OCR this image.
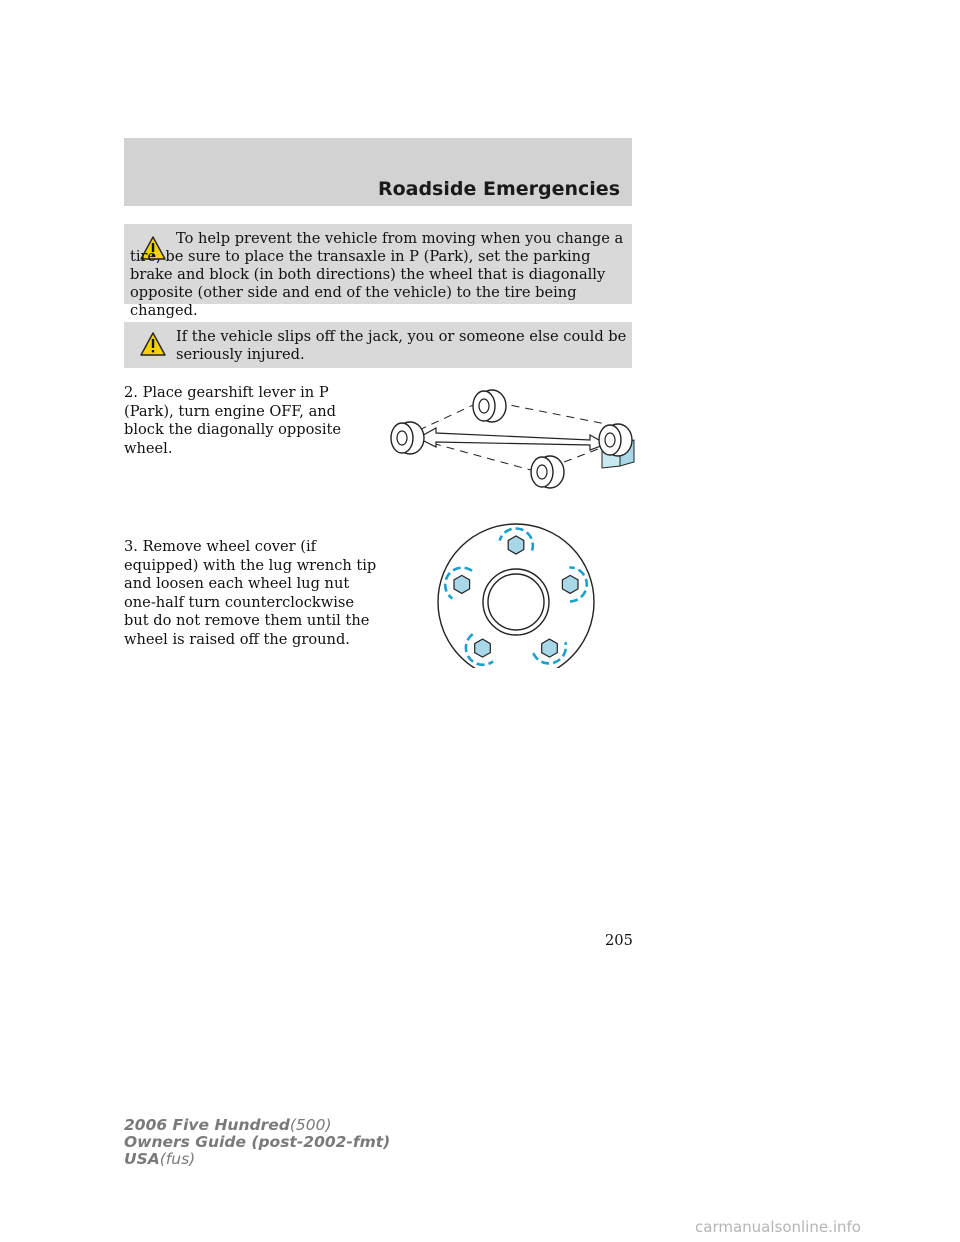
Roadside Emergencies
To help prevent the vehicle from moving when you change a tire, be sure to place the transaxle in P (Park), set the parking brake and block (in both directions) the wheel that is diagonally opposite (other side and end of the vehicle) to the tire being changed.
If the vehicle slips off the jack, you or someone else could be seriously injured.
2. Place gearshift lever in P (Park), turn engine OFF, and block the diagonally opposite wheel.
3. Remove wheel cover (if equipped) with the lug wrench tip and loosen each wheel lug nut one-half turn counterclockwise but do not remove them until the wheel is raised off the ground.
205
2006 Five Hundred(500)
Owners Guide (post-2002-fmt)
USA(fus)
carmanualsonline.info
